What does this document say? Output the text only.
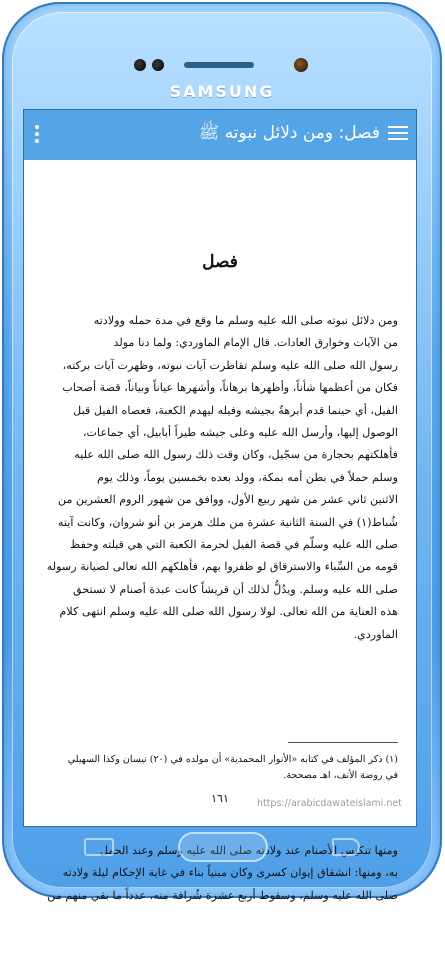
SAMSUNG
فصل: ومن دلائل نبوته ﷺ
فصل
ومن دلائل نبوته صلى الله عليه وسلم ما وقع في مدة حمله وولادته
من الآيات وخوارق العادات. قال الإمام الماوردي: ولما دنا مولد
رسول الله صلى الله عليه وسلم تقاطرت آيات نبوته، وظهرت آيات بركته،
فكان من أعظمها شأناً، وأظهرها برهاناً، وأشهرها عياناً وبياناً، قصة أصحاب
الفيل، أي حينما قدم أبرهةُ بجيشه وفيله ليهدم الكعبة، فعصاه الفيل قبل
الوصول إليها، وأرسل الله عليه وعلى جيشه طيراً أبابيل، أي جماعات،
فأهلكتهم بحجارة من سجّيل، وكان وقت ذلك رسول الله صلى الله عليه
وسلم حملاً في بطن أمه بمكة، وولد بعده بخمسين يوماً، وذلك يوم
الاثنين ثاني عشر من شهر ربيع الأول، ووافق من شهور الروم العشرين من
شُباط(١) في السنة الثانية عشرة من ملك هرمز بن أنو شروان، وكانت آيته
صلى الله عليه وسلّم في قصة الفيل لحرمة الكعبة التي هي قبلته وحفظ
قومه من السِّباء والاسترقاق لو ظفروا بهم، فأهلكهم الله تعالى لصيانة رسوله
صلى الله عليه وسلم. ويدُلُّ لذلك أن قريشاً كانت عبدة أصنام لا تستحق
هذه العناية من الله تعالى. لولا رسول الله صلى الله عليه وسلم انتهى كلام
الماوردي.
(١) ذكر المؤلف في كتابه «الأنوار المحمدية» أن مولده في (٢٠) نيسان وكذا السهيلي
في روضة الأنف، اهـ مصححة.
١٦١	https://arabicdawateislami.net
ومنها تنكيس الأصنام عند ولادته صلى الله عليه وسلم وعند الحمل
به، ومنها: انشقاق إيوان كسرى وكان مبنياً بناء في غاية الإحكام ليلة ولادته
صلى الله عليه وسلم، وسقوط أربع عشرة شُرافة منه، عدداً ما بقي منهم من
